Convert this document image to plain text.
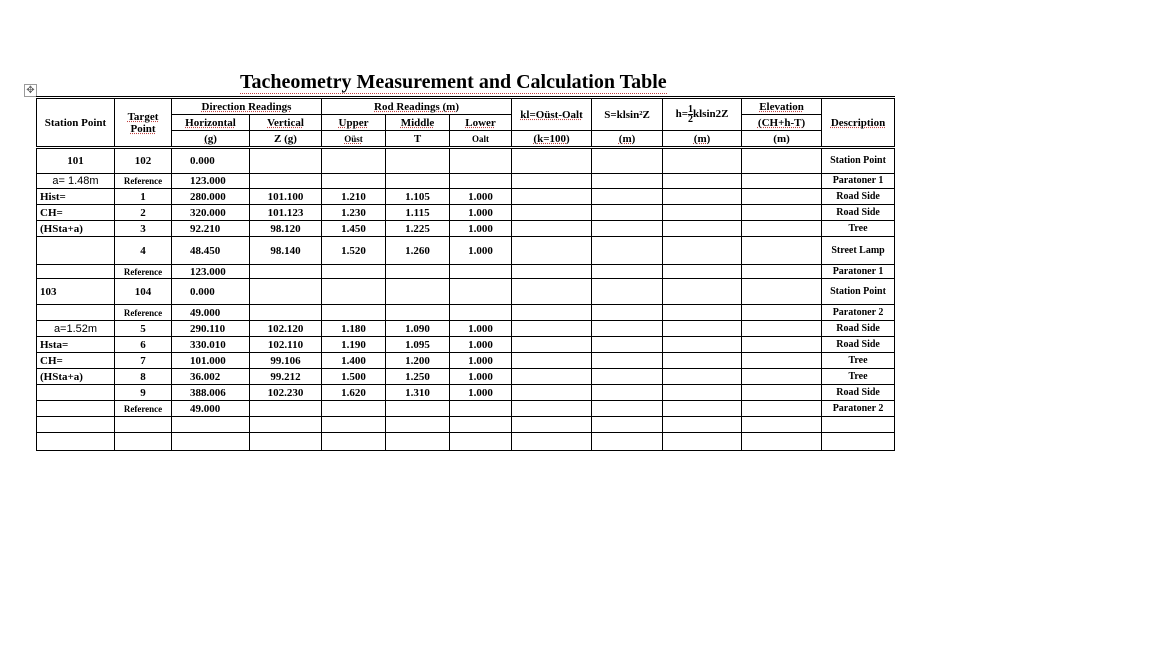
✥	Tacheometry Measurement and Calculation Table
Station Point	Target Point	Direction Readings		Rod Readings (m)			kl=Oüst-Oalt	S=klsin²Z	$h= \frac{1}{2} klsin2Z$	Elevation	Description
		Horizontal	Vertical	Upper	Middle	Lower				(CH+h-T)	
		(g)	Z (g)	Oüst	T	Oalt	(k=100)	(m)	(m)	(m)	
101	102	0.000									Station Point
a= 1.48m	Reference	123.000									Paratoner 1
Hist=	1	280.000	101.100	1.210	1.105	1.000					Road Side
CH=	2	320.000	101.123	1.230	1.115	1.000					Road Side
(HSta+a)	3	92.210	98.120	1.450	1.225	1.000					Tree
	4	48.450	98.140	1.520	1.260	1.000					Street Lamp
	Reference	123.000									Paratoner 1
103	104	0.000									Station Point
	Reference	49.000									Paratoner 2
a=1.52m	5	290.110	102.120	1.180	1.090	1.000					Road Side
Hsta=	6	330.010	102.110	1.190	1.095	1.000					Road Side
CH=	7	101.000	99.106	1.400	1.200	1.000					Tree
(HSta+a)	8	36.002	99.212	1.500	1.250	1.000					Tree
	9	388.006	102.230	1.620	1.310	1.000					Road Side
	Reference	49.000									Paratoner 2
